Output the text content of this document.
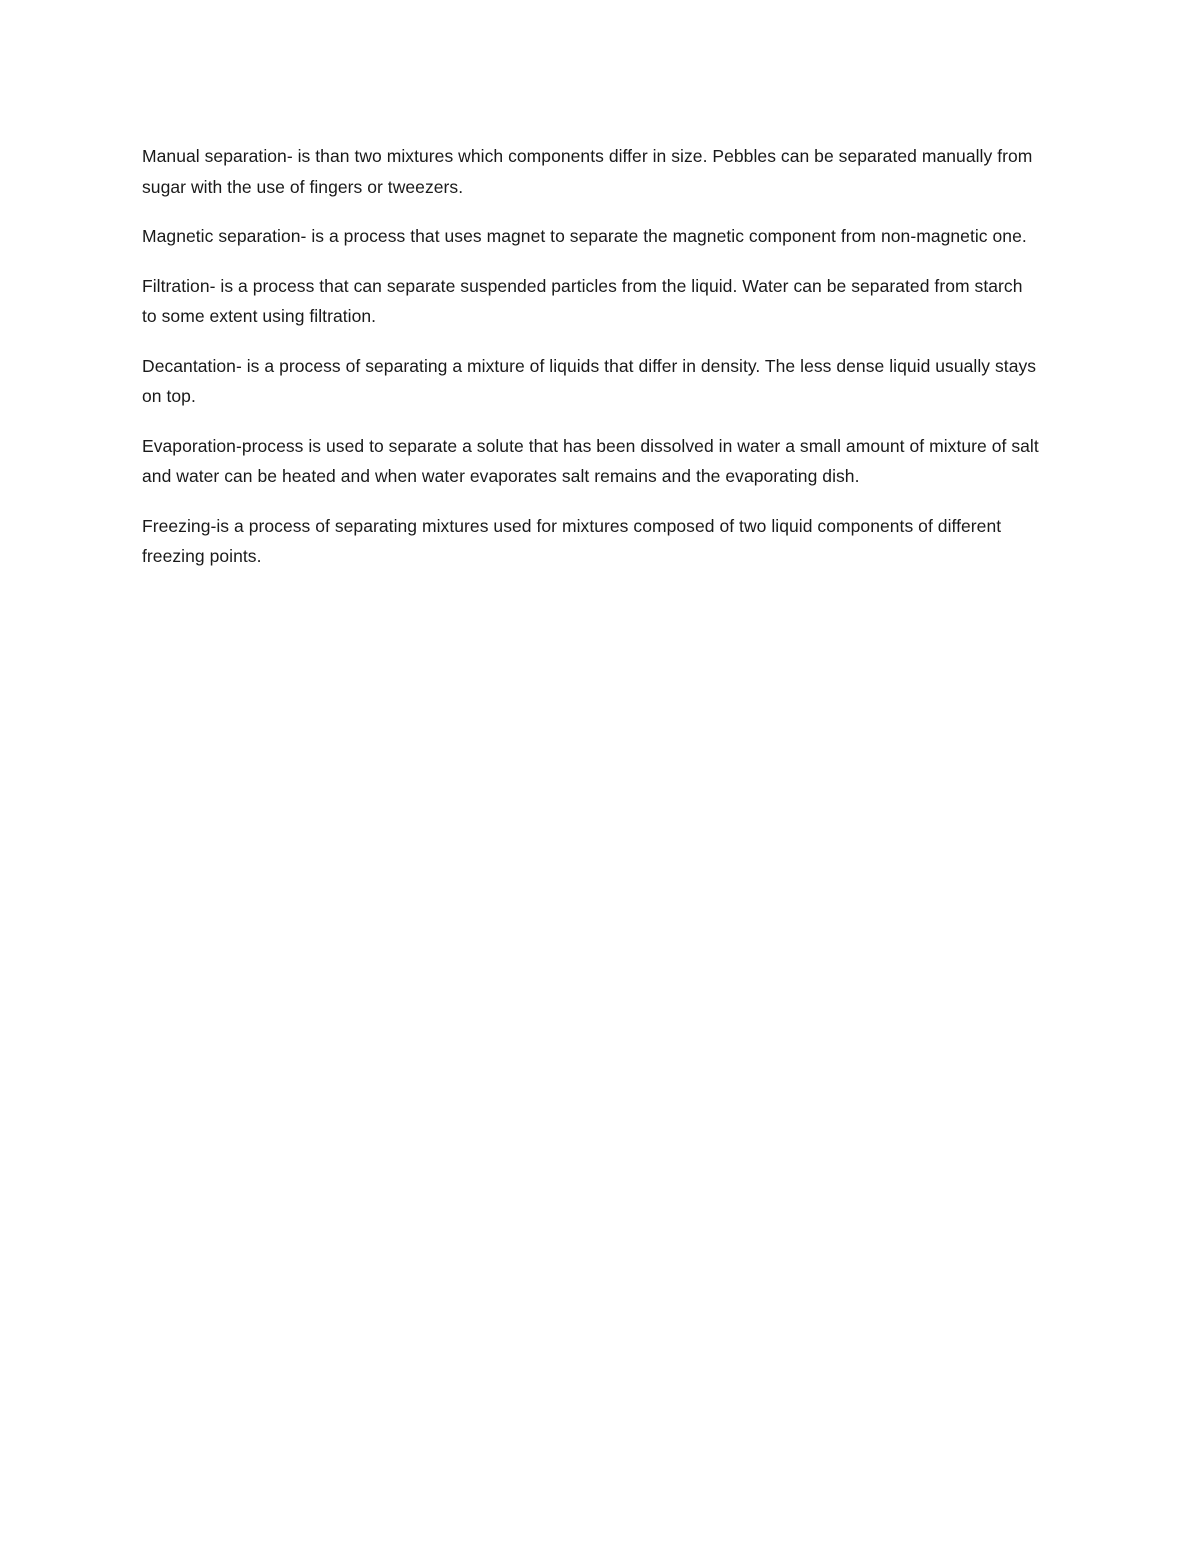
Manual separation- is than two mixtures which components differ in size. Pebbles can be separated manually from sugar with the use of fingers or tweezers.

Magnetic separation- is a process that uses magnet to separate the magnetic component from non-magnetic one.

Filtration- is a process that can separate suspended particles from the liquid. Water can be separated from starch to some extent using filtration.

Decantation- is a process of separating a mixture of liquids that differ in density. The less dense liquid usually stays on top.

Evaporation-process is used to separate a solute that has been dissolved in water a small amount of mixture of salt and water can be heated and when water evaporates salt remains and the evaporating dish.

Freezing-is a process of separating mixtures used for mixtures composed of two liquid components of different freezing points.
